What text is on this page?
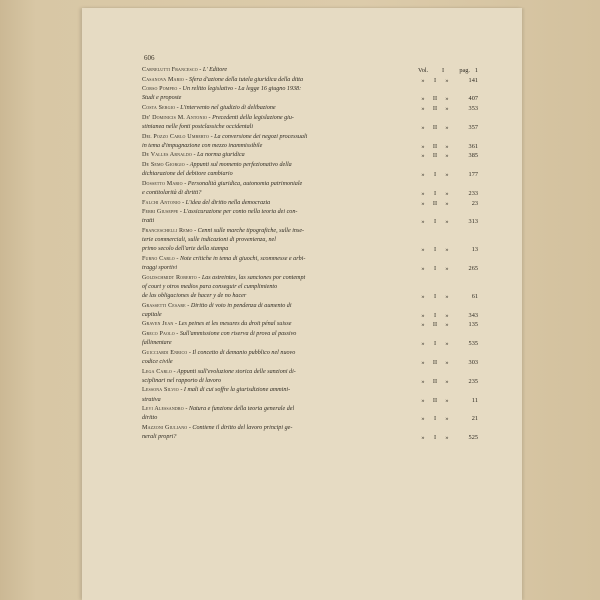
606
Carnelutti Francesco - L' Editore	Vol.	I	pag. 1
Casanova Mario - Sfera d'azione della tutela giuridica della ditta	»	I	»	141
Corso Pompeo - Un relitto legislativo - La legge 16 giugno 1938:
Studi e proposte	»	II	»	407
Costa Sergio - L'intervento nel giudizio di delibazione	»	II	»	353
De' Dominicis M. Antonio - Precedenti della legislazione giu-
stinianea nelle fonti postclassiche occidentali	»	II	»	357
Del Pozzo Carlo Umberto - La conversione dei negozi processuali
in tema d'impugnazione con mezzo inammissibile	»	II	»	361
De Valles Arnaldo - La norma giuridica	»	II	»	385
De Semo Giorgio - Appunti sul momento perfezionativo della
dichiarazione del debitore cambiario	»	I	»	177
Dossetto Mario - Personalità giuridica, autonomia patrimoniale
e contitolarità di diritti?	»	I	»	233
Falchi Antonio - L'idea del diritto nella democrazia	»	II	»	23
Ferri Giuseppe - L'assicurazione per conto nella teoria dei con-
tratti	»	I	»	313
Franceschelli Remo - Cenni sulle marche tipografiche, sulle inse-
terie commerciali, sulle indicazioni di provenienza, nel
primo secolo dell'arte della stampa	»	I	»	13
Furno Carlo - Note critiche in tema di giuochi, scommesse e arbi-
traggi sportivi	»	I	»	265
Goldschmidt Roberto - Las astreintes, las sanciones por contempt
of court y otros medios para conseguir el cumplimiento
de las obligaciones de hacer y de no hacer	»	I	»	61
Grassetti Cesare - Diritto di voto in pendenza di aumento di
capitale	»	I	»	343
Graven Jean - Les peines et les mesures du droit pénal suisse	»	II	»	135
Greco Paolo - Sull'ammissione con riserva di prova al passivo
fallimentare	»	I	»	535
Guicciardi Enrico - Il concetto di demanio pubblico nel nuovo
codice civile	»	II	»	303
Lega Carlo - Appunti sull'evoluzione storica delle sanzioni di-
sciplinari nel rapporto di lavoro	»	II	»	235
Lessona Silvio - I mali di cui soffre la giurisdizione ammini-
strativa	»	II	»	11
Levi Alessandro - Natura e funzione della teoria generale del
diritto	»	I	»	21
Mazzoni Giuliano - Contiene il diritto del lavoro principi ge-
nerali propri?	»	I	»	525
